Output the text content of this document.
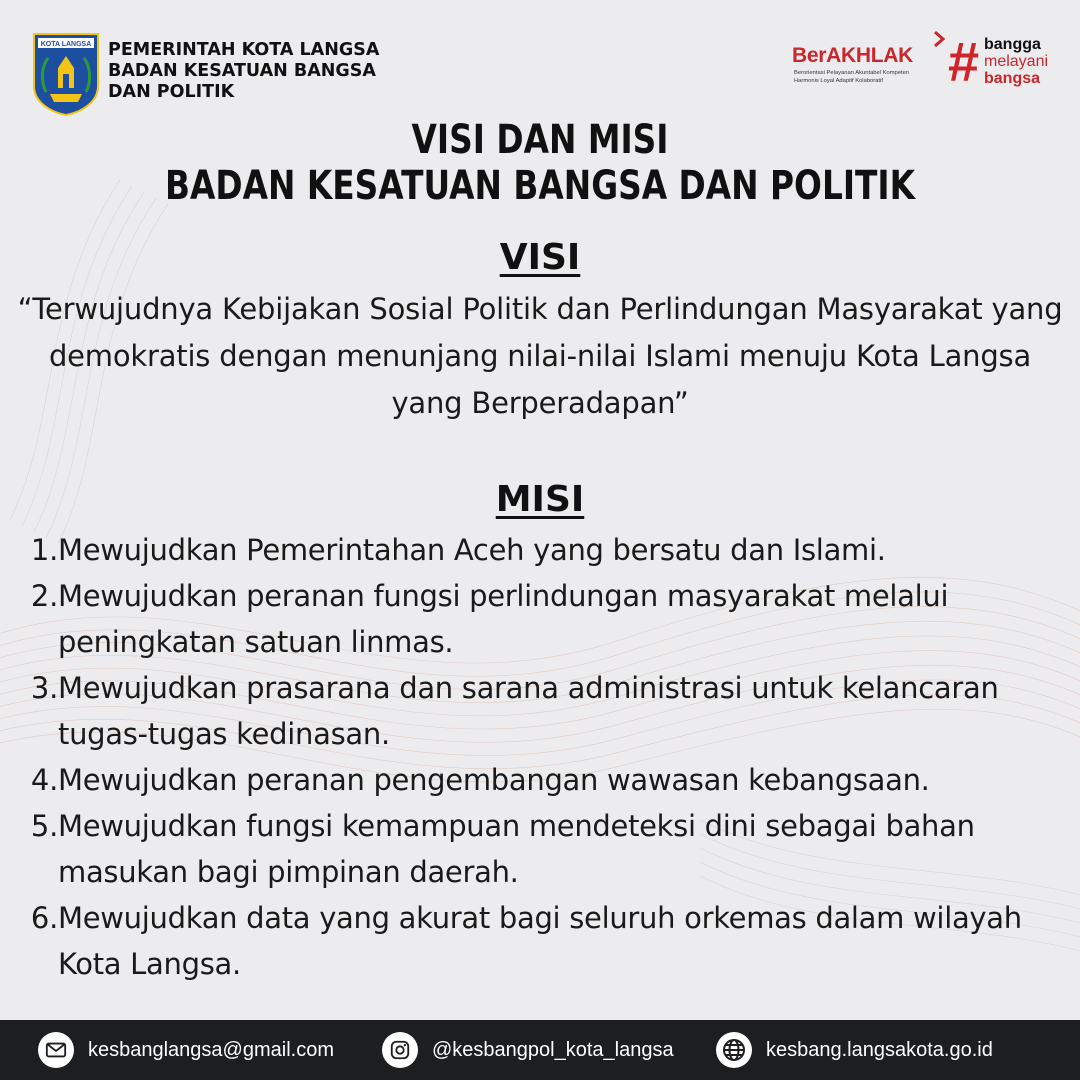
KOTA LANGSA PEMERINTAH KOTA LANGSA
BADAN KESATUAN BANGSA
DAN POLITIK
BerAKHLAK
Berorientasi Pelayanan Akuntabel Kompeten
Harmonis Loyal Adaptif Kolaboratif	# bangga
melayani
bangsa
VISI DAN MISI
BADAN KESATUAN BANGSA DAN POLITIK
VISI
“Terwujudnya Kebijakan Sosial Politik dan Perlindungan Masyarakat yang demokratis dengan menunjang nilai-nilai Islami menuju Kota Langsa yang Berperadapan”
MISI
1. Mewujudkan Pemerintahan Aceh yang bersatu dan Islami.
2. Mewujudkan peranan fungsi perlindungan masyarakat melalui peningkatan satuan linmas.
3. Mewujudkan prasarana dan sarana administrasi untuk kelancaran tugas-tugas kedinasan.
4. Mewujudkan peranan pengembangan wawasan kebangsaan.
5. Mewujudkan fungsi kemampuan mendeteksi dini sebagai bahan masukan bagi pimpinan daerah.
6. Mewujudkan data yang akurat bagi seluruh orkemas dalam wilayah Kota Langsa.
kesbanglangsa@gmail.com	@kesbangpol_kota_langsa	kesbang.langsakota.go.id
